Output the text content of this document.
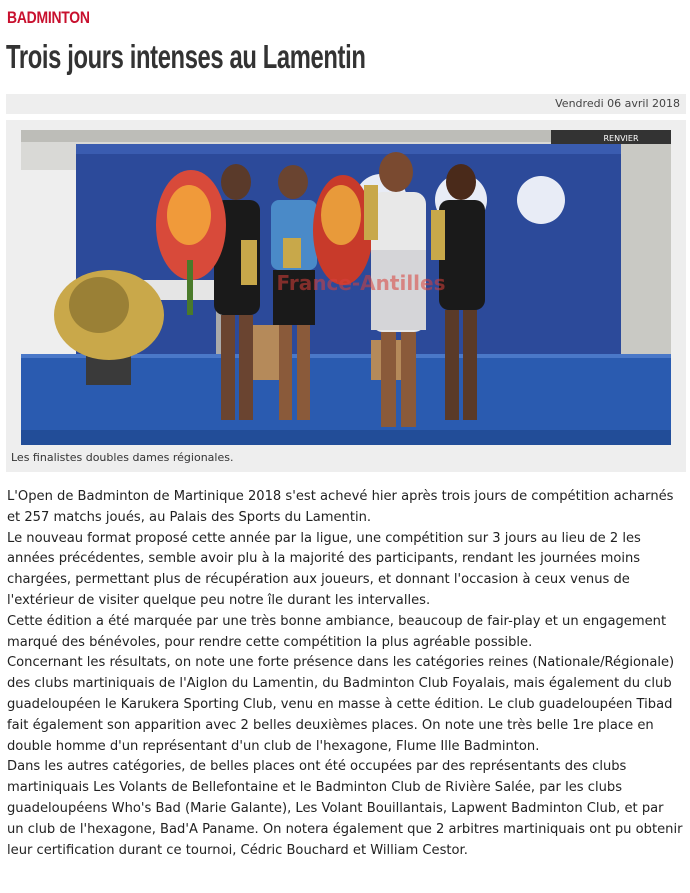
BADMINTON
Trois jours intenses au Lamentin
Vendredi 06 avril 2018
RENVIER
France-Antilles
Les finalistes doubles dames régionales.

L'Open de Badminton de Martinique 2018 s'est achevé hier après trois jours de compétition acharnés et 257 matchs joués, au Palais des Sports du Lamentin.

Le nouveau format proposé cette année par la ligue, une compétition sur 3 jours au lieu de 2 les années précédentes, semble avoir plu à la majorité des participants, rendant les journées moins chargées, permettant plus de récupération aux joueurs, et donnant l'occasion à ceux venus de l'extérieur de visiter quelque peu notre île durant les intervalles.

Cette édition a été marquée par une très bonne ambiance, beaucoup de fair-play et un engagement marqué des bénévoles, pour rendre cette compétition la plus agréable possible.

Concernant les résultats, on note une forte présence dans les catégories reines (Nationale/Régionale) des clubs martiniquais de l'Aiglon du Lamentin, du Badminton Club Foyalais, mais également du club guadeloupéen le Karukera Sporting Club, venu en masse à cette édition. Le club guadeloupéen Tibad fait également son apparition avec 2 belles deuxièmes places. On note une très belle 1re place en double homme d'un représentant d'un club de l'hexagone, Flume Ille Badminton.

Dans les autres catégories, de belles places ont été occupées par des représentants des clubs martiniquais Les Volants de Bellefontaine et le Badminton Club de Rivière Salée, par les clubs guadeloupéens Who's Bad (Marie Galante), Les Volant Bouillantais, Lapwent Badminton Club, et par un club de l'hexagone, Bad'A Paname. On notera également que 2 arbitres martiniquais ont pu obtenir leur certification durant ce tournoi, Cédric Bouchard et William Cestor.
